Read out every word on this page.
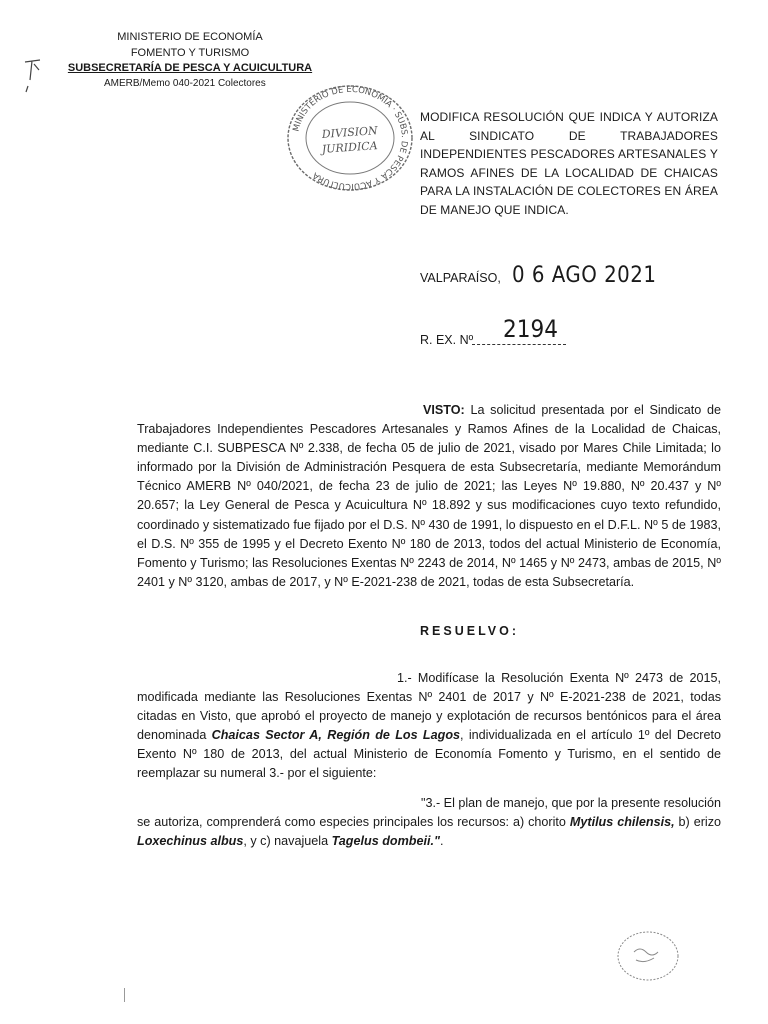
MINISTERIO DE ECONOMÍA
FOMENTO Y TURISMO
SUBSECRETARÍA DE PESCA Y ACUICULTURA
AMERB/Memo 040-2021 Colectores
MINISTERIO DE ECONOMÍA · SUBS. DE PESCA Y ACUICULTURA
DIVISION
JURIDICA
MODIFICA RESOLUCIÓN QUE INDICA Y AUTORIZA AL SINDICATO DE TRABAJADORES INDEPENDIENTES PESCADORES ARTESANALES Y RAMOS AFINES DE LA LOCALIDAD DE CHAICAS PARA LA INSTALACIÓN DE COLECTORES EN ÁREA DE MANEJO QUE INDICA.
VALPARAÍSO, 0 6 AGO 2021
R. EX. Nº 2194
VISTO: La solicitud presentada por el Sindicato de Trabajadores Independientes Pescadores Artesanales y Ramos Afines de la Localidad de Chaicas, mediante C.I. SUBPESCA Nº 2.338, de fecha 05 de julio de 2021, visado por Mares Chile Limitada; lo informado por la División de Administración Pesquera de esta Subsecretaría, mediante Memorándum Técnico AMERB Nº 040/2021, de fecha 23 de julio de 2021; las Leyes Nº 19.880, Nº 20.437 y Nº 20.657; la Ley General de Pesca y Acuicultura Nº 18.892 y sus modificaciones cuyo texto refundido, coordinado y sistematizado fue fijado por el D.S. Nº 430 de 1991, lo dispuesto en el D.F.L. Nº 5 de 1983, el D.S. Nº 355 de 1995 y el Decreto Exento Nº 180 de 2013, todos del actual Ministerio de Economía, Fomento y Turismo; las Resoluciones Exentas Nº 2243 de 2014, Nº 1465 y Nº 2473, ambas de 2015, Nº 2401 y Nº 3120, ambas de 2017, y Nº E-2021-238 de 2021, todas de esta Subsecretaría.
RESUELVO:
1.- Modifícase la Resolución Exenta Nº 2473 de 2015, modificada mediante las Resoluciones Exentas Nº 2401 de 2017 y Nº E-2021-238 de 2021, todas citadas en Visto, que aprobó el proyecto de manejo y explotación de recursos bentónicos para el área denominada Chaicas Sector A, Región de Los Lagos, individualizada en el artículo 1º del Decreto Exento Nº 180 de 2013, del actual Ministerio de Economía Fomento y Turismo, en el sentido de reemplazar su numeral 3.- por el siguiente:
"3.- El plan de manejo, que por la presente resolución se autoriza, comprenderá como especies principales los recursos: a) chorito Mytilus chilensis, b) erizo Loxechinus albus, y c) navajuela Tagelus dombeii.".
